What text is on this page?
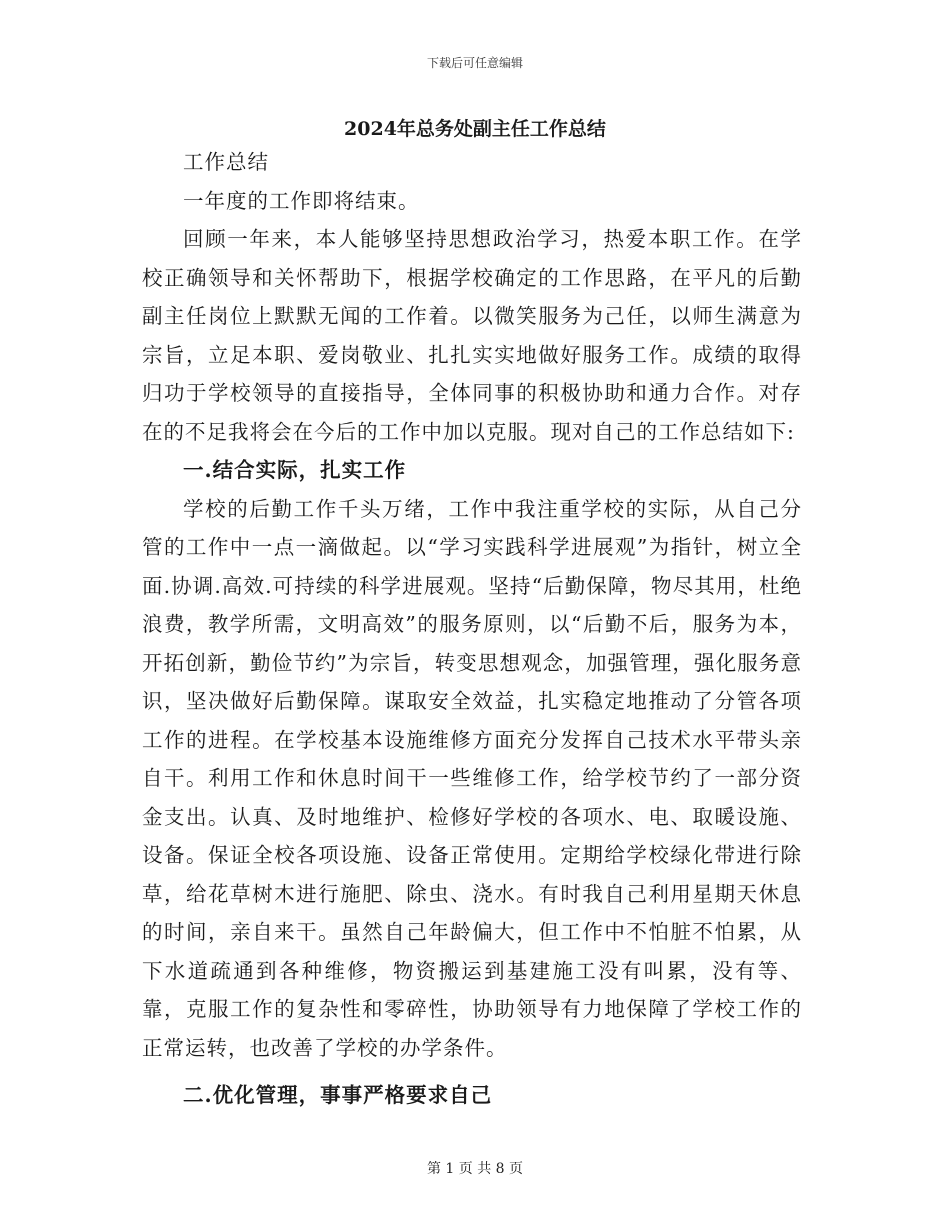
下载后可任意编辑
2024年总务处副主任工作总结

工作总结

一年度的工作即将结束。

回顾一年来，本人能够坚持思想政治学习，热爱本职工作。在学校正确领导和关怀帮助下，根据学校确定的工作思路，在平凡的后勤副主任岗位上默默无闻的工作着。以微笑服务为己任，以师生满意为宗旨，立足本职、爱岗敬业、扎扎实实地做好服务工作。成绩的取得归功于学校领导的直接指导，全体同事的积极协助和通力合作。对存在的不足我将会在今后的工作中加以克服。现对自己的工作总结如下:

一.结合实际，扎实工作

学校的后勤工作千头万绪，工作中我注重学校的实际，从自己分管的工作中一点一滴做起。以“学习实践科学进展观”为指针，树立全面.协调.高效.可持续的科学进展观。坚持“后勤保障，物尽其用，杜绝浪费，教学所需，文明高效”的服务原则，以“后勤不后，服务为本，开拓创新，勤俭节约”为宗旨，转变思想观念，加强管理，强化服务意识，坚决做好后勤保障。谋取安全效益，扎实稳定地推动了分管各项工作的进程。在学校基本设施维修方面充分发挥自己技术水平带头亲自干。利用工作和休息时间干一些维修工作，给学校节约了一部分资金支出。认真、及时地维护、检修好学校的各项水、电、取暖设施、设备。保证全校各项设施、设备正常使用。定期给学校绿化带进行除草，给花草树木进行施肥、除虫、浇水。有时我自己利用星期天休息的时间，亲自来干。虽然自己年龄偏大，但工作中不怕脏不怕累，从下水道疏通到各种维修，物资搬运到基建施工没有叫累，没有等、靠，克服工作的复杂性和零碎性，协助领导有力地保障了学校工作的正常运转，也改善了学校的办学条件。

二.优化管理，事事严格要求自己

第 1 页 共 8 页
